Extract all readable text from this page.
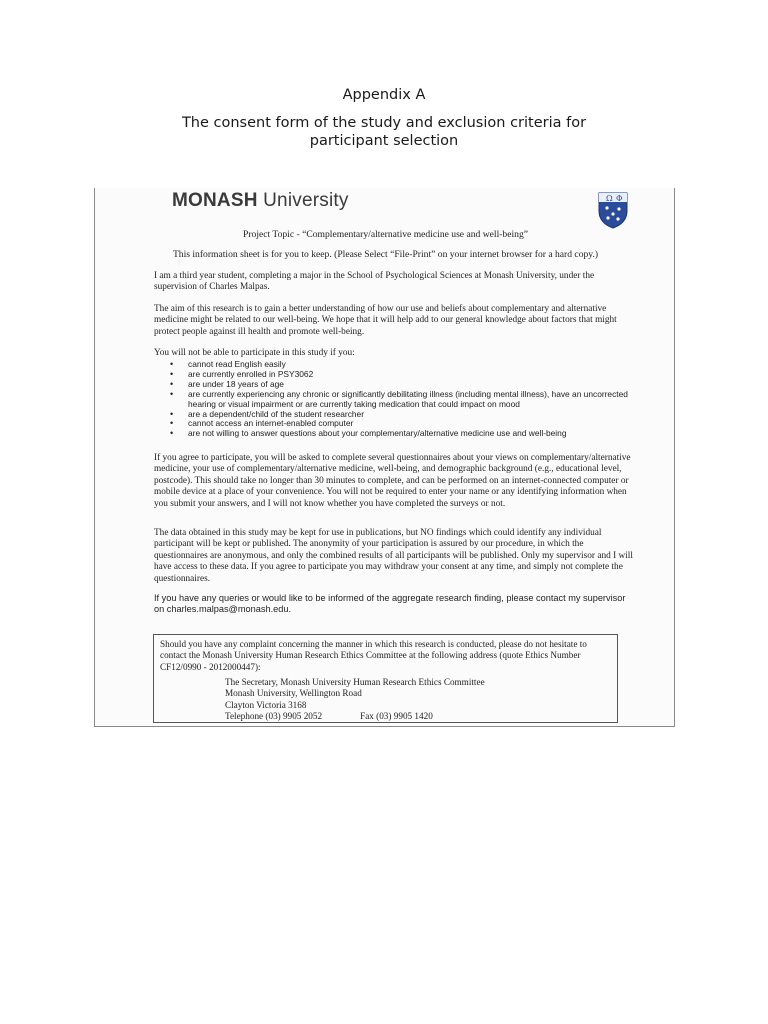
Appendix A
The consent form of the study and exclusion criteria for
participant selection
MONASH University	Ω Φ
Project Topic - “Complementary/alternative medicine use and well-being”
This information sheet is for you to keep. (Please Select “File-Print” on your internet browser for a hard copy.)
I am a third year student, completing a major in the School of Psychological Sciences at Monash University, under the supervision of Charles Malpas.
The aim of this research is to gain a better understanding of how our use and beliefs about complementary and alternative medicine might be related to our well-being. We hope that it will help add to our general knowledge about factors that might protect people against ill health and promote well-being.
You will not be able to participate in this study if you:
• cannot read English easily
• are currently enrolled in PSY3062
• are under 18 years of age
• are currently experiencing any chronic or significantly debilitating illness (including mental illness), have an uncorrected hearing or visual impairment or are currently taking medication that could impact on mood
• are a dependent/child of the student researcher
• cannot access an internet-enabled computer
• are not willing to answer questions about your complementary/alternative medicine use and well-being
If you agree to participate, you will be asked to complete several questionnaires about your views on complementary/alternative medicine, your use of complementary/alternative medicine, well-being, and demographic background (e.g., educational level, postcode). This should take no longer than 30 minutes to complete, and can be performed on an internet-connected computer or mobile device at a place of your convenience. You will not be required to enter your name or any identifying information when you submit your answers, and I will not know whether you have completed the surveys or not.
The data obtained in this study may be kept for use in publications, but NO findings which could identify any individual participant will be kept or published. The anonymity of your participation is assured by our procedure, in which the questionnaires are anonymous, and only the combined results of all participants will be published. Only my supervisor and I will have access to these data. If you agree to participate you may withdraw your consent at any time, and simply not complete the questionnaires.
If you have any queries or would like to be informed of the aggregate research finding, please contact my supervisor on charles.malpas@monash.edu.
Should you have any complaint concerning the manner in which this research is conducted, please do not hesitate to contact the Monash University Human Research Ethics Committee at the following address (quote Ethics Number CF12/0990 - 2012000447):
The Secretary, Monash University Human Research Ethics Committee
Monash University, Wellington Road
Clayton Victoria 3168
Telephone (03) 9905 2052	Fax (03) 9905 1420
